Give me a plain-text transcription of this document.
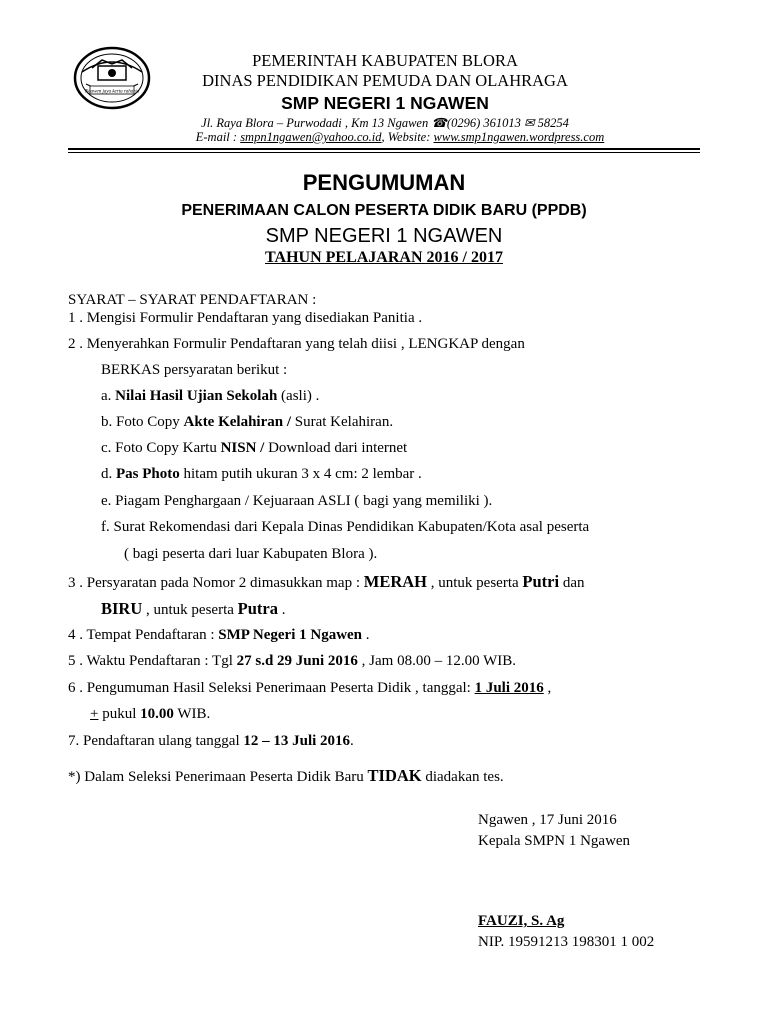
Ngawen jaya kerta raharja
PEMERINTAH KABUPATEN BLORA
DINAS PENDIDIKAN PEMUDA DAN OLAHRAGA
SMP NEGERI 1 NGAWEN
Jl. Raya Blora – Purwodadi , Km 13 Ngawen ☎(0296) 361013 ✉ 58254
E-mail : smpn1ngawen@yahoo.co.id, Website: www.smp1ngawen.wordpress.com
PENGUMUMAN
PENERIMAAN CALON PESERTA DIDIK BARU (PPDB)
SMP NEGERI 1 NGAWEN
TAHUN PELAJARAN 2016 / 2017
SYARAT – SYARAT PENDAFTARAN :
1 . Mengisi Formulir Pendaftaran yang disediakan Panitia .
2 . Menyerahkan Formulir Pendaftaran yang telah diisi , LENGKAP dengan
BERKAS persyaratan berikut :
a. Nilai Hasil Ujian Sekolah (asli) .
b. Foto Copy Akte Kelahiran / Surat Kelahiran.
c. Foto Copy Kartu NISN / Download dari internet
d. Pas Photo hitam putih ukuran 3 x 4 cm: 2 lembar .
e. Piagam Penghargaan / Kejuaraan ASLI ( bagi yang memiliki ).
f. Surat Rekomendasi dari Kepala Dinas Pendidikan Kabupaten/Kota asal peserta
( bagi peserta dari luar Kabupaten Blora ).
3 . Persyaratan pada Nomor 2 dimasukkan map : MERAH , untuk peserta Putri dan
BIRU , untuk peserta Putra .
4 . Tempat Pendaftaran : SMP Negeri 1 Ngawen .
5 . Waktu Pendaftaran : Tgl 27 s.d 29 Juni 2016 , Jam 08.00 – 12.00 WIB.
6 . Pengumuman Hasil Seleksi Penerimaan Peserta Didik , tanggal: 1 Juli 2016 ,
+ pukul 10.00 WIB.
7. Pendaftaran ulang tanggal 12 – 13 Juli 2016.
*) Dalam Seleksi Penerimaan Peserta Didik Baru TIDAK diadakan tes.
Ngawen , 17 Juni 2016
Kepala SMPN 1 Ngawen
FAUZI, S. Ag
NIP. 19591213 198301 1 002
